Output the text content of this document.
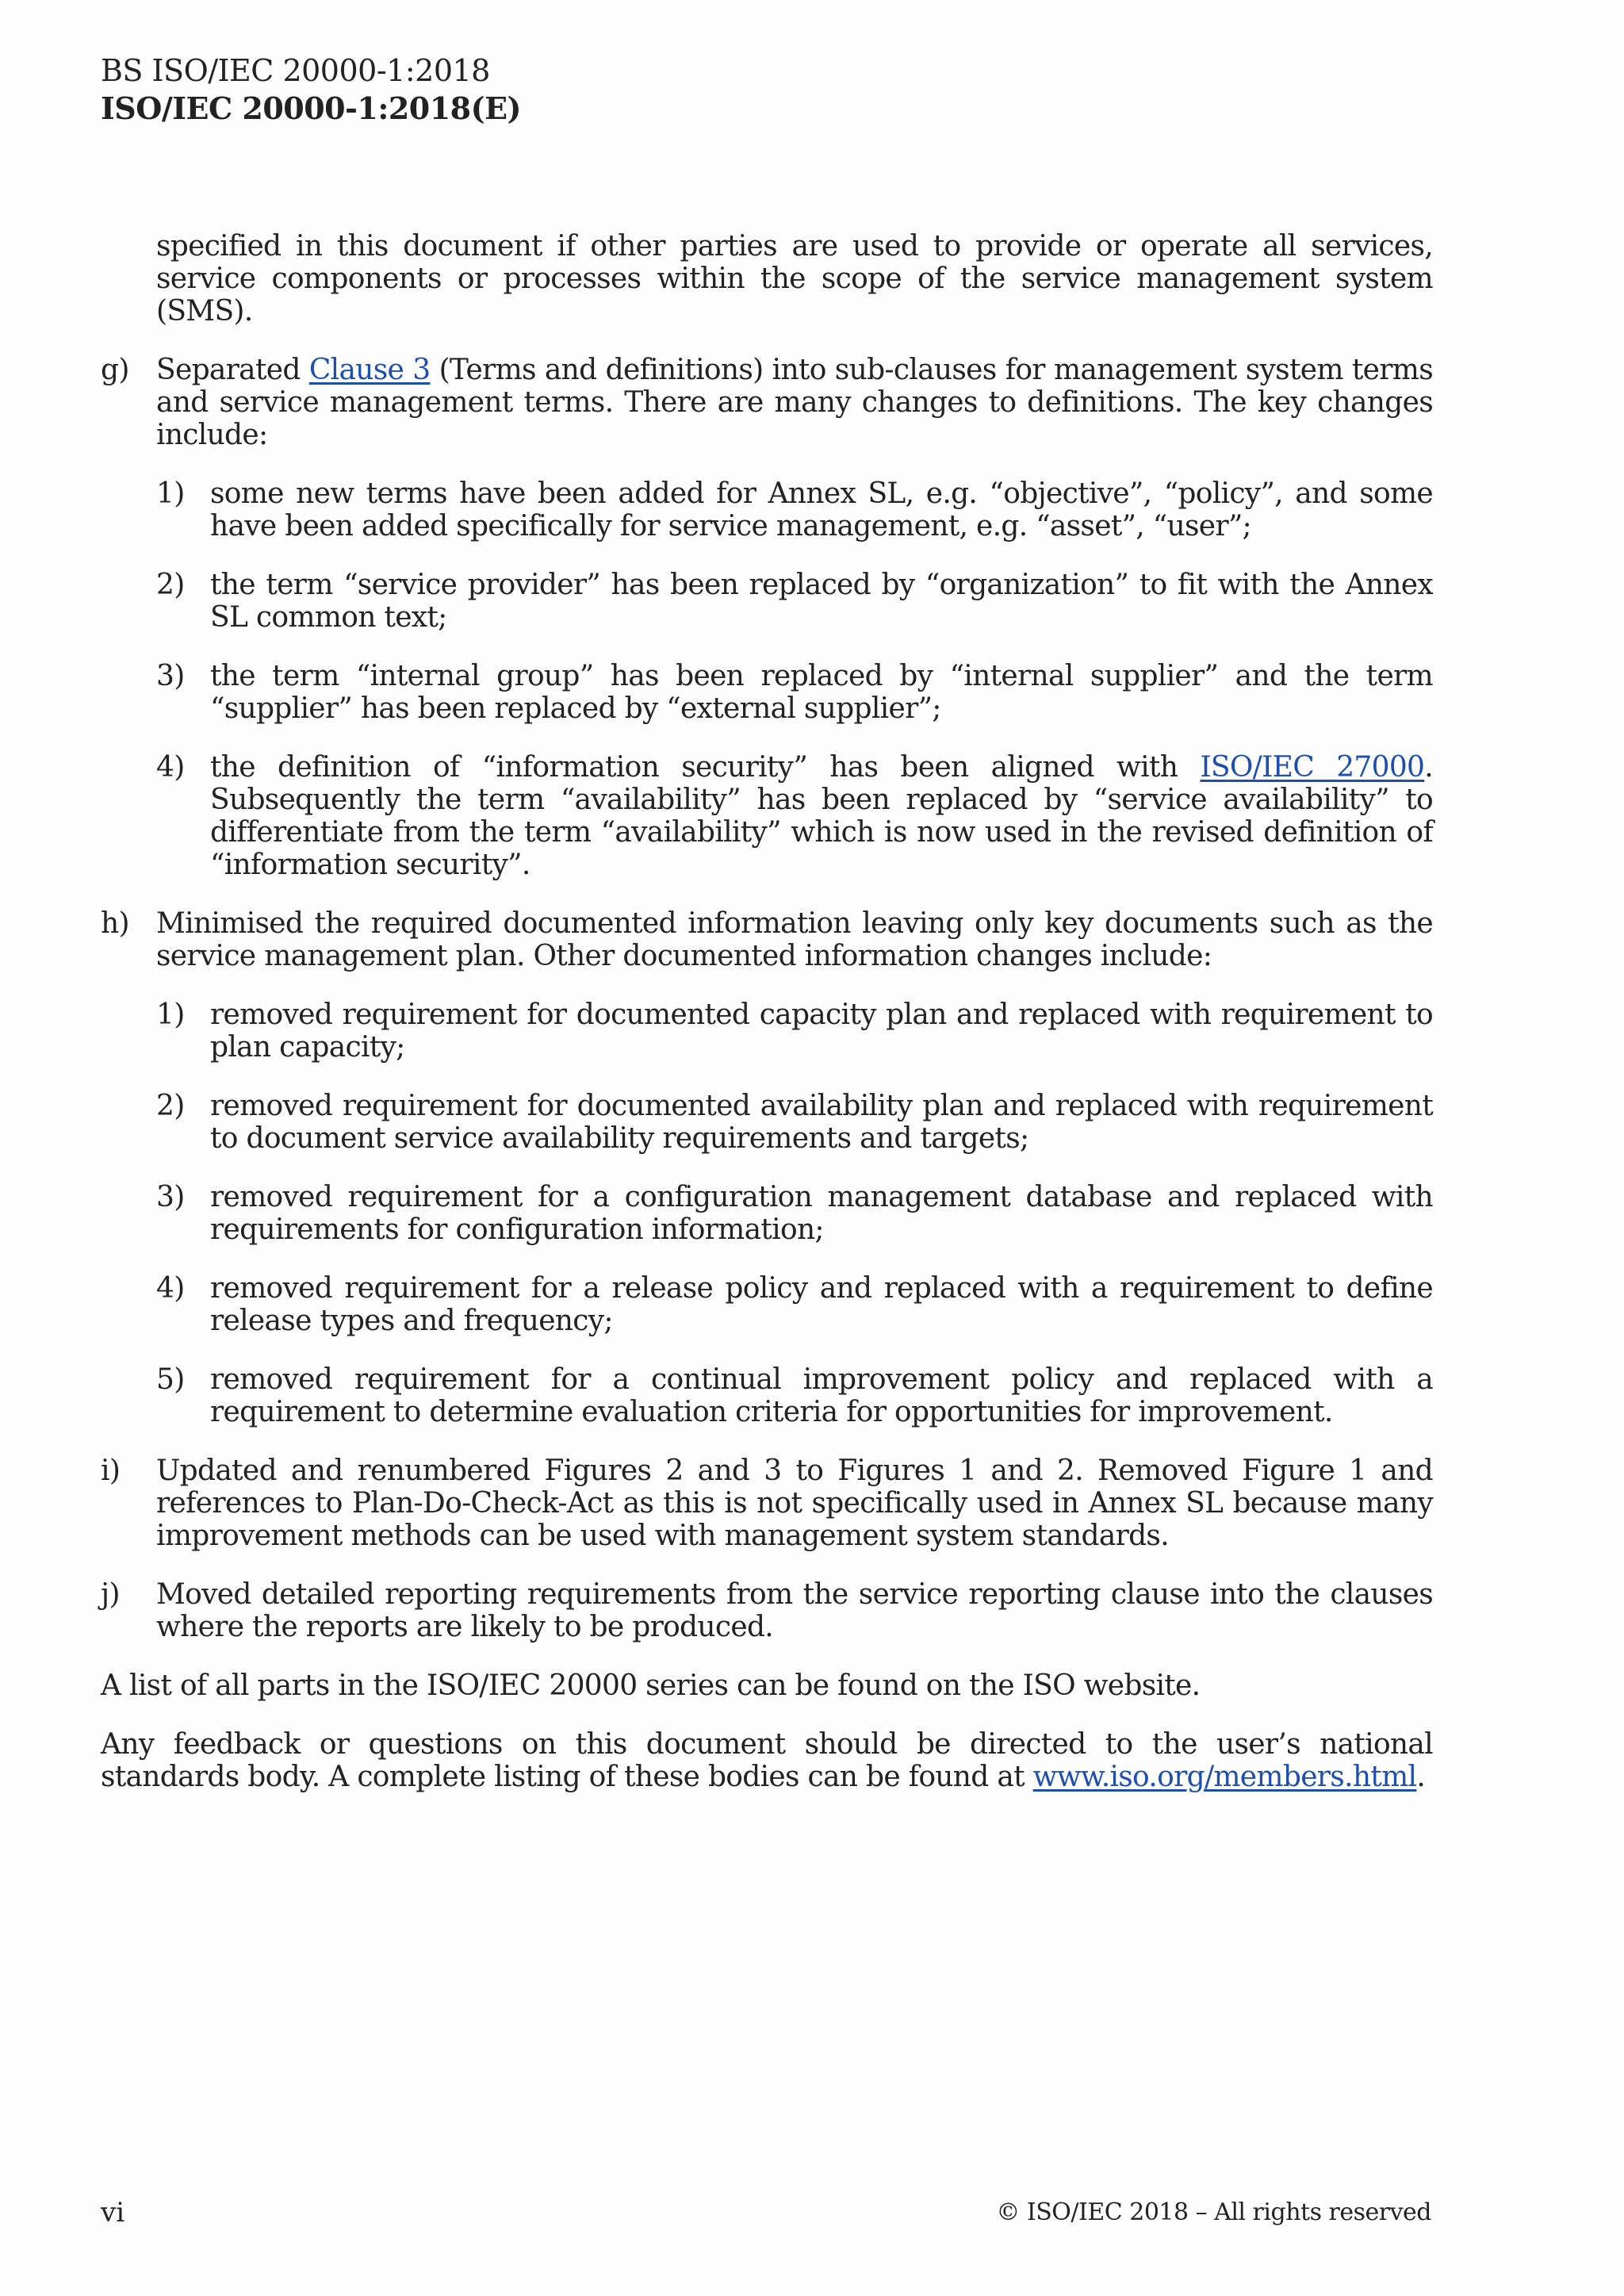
BS ISO/IEC 20000-1:2018
ISO/IEC 20000-1:2018(E)

specified in this document if other parties are used to provide or operate all services, service components or processes within the scope of the service management system (SMS).

g) Separated Clause 3 (Terms and definitions) into sub-clauses for management system terms and service management terms. There are many changes to definitions. The key changes include:
1) some new terms have been added for Annex SL, e.g. “objective”, “policy”, and some have been added specifically for service management, e.g. “asset”, “user”;
2) the term “service provider” has been replaced by “organization” to fit with the Annex SL common text;
3) the term “internal group” has been replaced by “internal supplier” and the term “supplier” has been replaced by “external supplier”;
4) the definition of “information security” has been aligned with ISO/IEC 27000. Subsequently the term “availability” has been replaced by “service availability” to differentiate from the term “availability” which is now used in the revised definition of “information security”.
h) Minimised the required documented information leaving only key documents such as the service management plan. Other documented information changes include:
1) removed requirement for documented capacity plan and replaced with requirement to plan capacity;
2) removed requirement for documented availability plan and replaced with requirement to document service availability requirements and targets;
3) removed requirement for a configuration management database and replaced with requirements for configuration information;
4) removed requirement for a release policy and replaced with a requirement to define release types and frequency;
5) removed requirement for a continual improvement policy and replaced with a requirement to determine evaluation criteria for opportunities for improvement.
i) Updated and renumbered Figures 2 and 3 to Figures 1 and 2. Removed Figure 1 and references to Plan-Do-Check-Act as this is not specifically used in Annex SL because many improvement methods can be used with management system standards.
j) Moved detailed reporting requirements from the service reporting clause into the clauses where the reports are likely to be produced.

A list of all parts in the ISO/IEC 20000 series can be found on the ISO website.

Any feedback or questions on this document should be directed to the user’s national standards body. A complete listing of these bodies can be found at www.iso.org/members.html.

vi	© ISO/IEC 2018 – All rights reserved
